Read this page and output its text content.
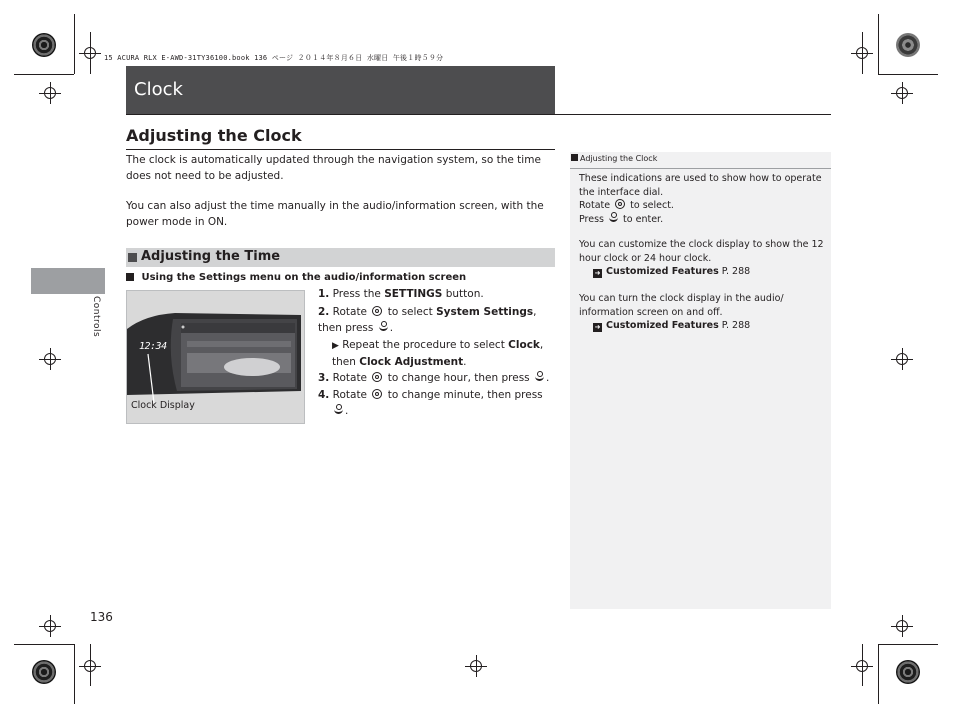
15 ACURA RLX E-AWD-31TY36100.book 136 ページ ２０１４年８月６日 水曜日 午後１時５９分
Clock
Adjusting the Clock
The clock is automatically updated through the navigation system, so the time does not need to be adjusted.
You can also adjust the time manually in the audio/information screen, with the power mode in ON.
Adjusting the Time
Using the Settings menu on the audio/information screen
12:34
Clock Display
1. Press the SETTINGS button.
2. Rotate  to select System Settings, then press .
▶ Repeat the procedure to select Clock, then Clock Adjustment.
3. Rotate  to change hour, then press .
4. Rotate  to change minute, then press
.
Controls
136
Adjusting the Clock
These indications are used to show how to operate the interface dial.
Rotate  to select.
Press  to enter.
You can customize the clock display to show the 12 hour clock or 24 hour clock.
➜ Customized Features P. 288
You can turn the clock display in the audio/ information screen on and off.
➜ Customized Features P. 288
